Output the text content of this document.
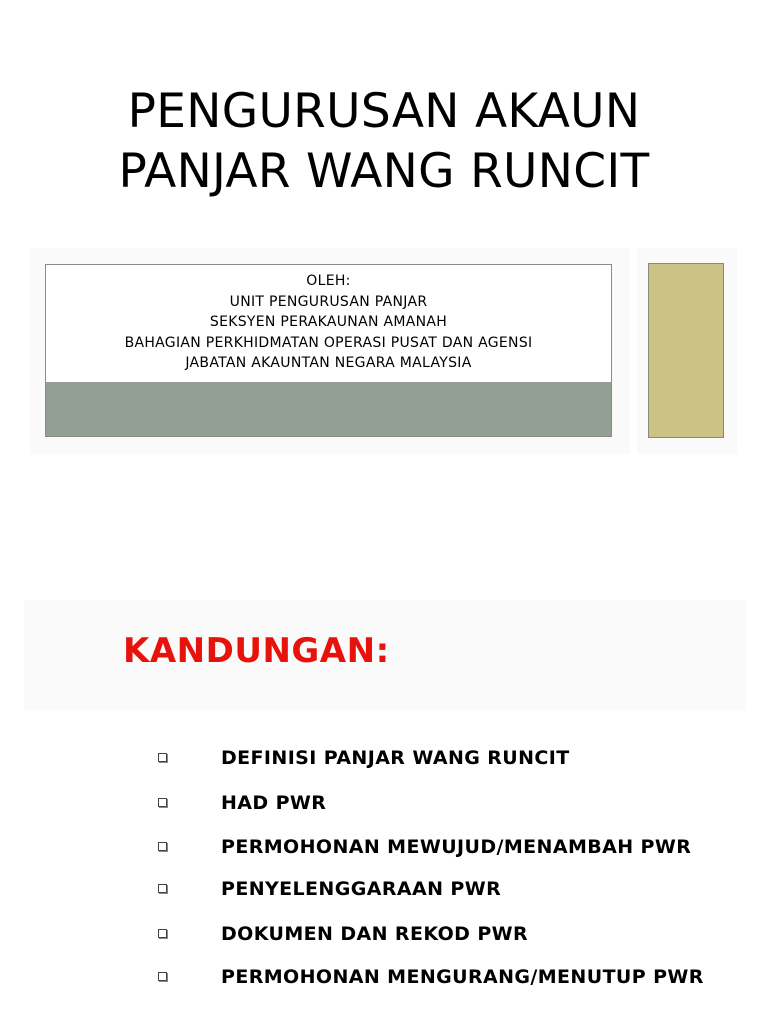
PENGURUSAN AKAUN
PANJAR WANG RUNCIT
OLEH:
UNIT PENGURUSAN PANJAR
SEKSYEN PERAKAUNAN AMANAH
BAHAGIAN PERKHIDMATAN OPERASI PUSAT DAN AGENSI
JABATAN AKAUNTAN NEGARA MALAYSIA
KANDUNGAN:
DEFINISI PANJAR WANG RUNCIT
HAD PWR
PERMOHONAN MEWUJUD/MENAMBAH PWR
PENYELENGGARAAN PWR
DOKUMEN DAN REKOD PWR
PERMOHONAN MENGURANG/MENUTUP PWR
